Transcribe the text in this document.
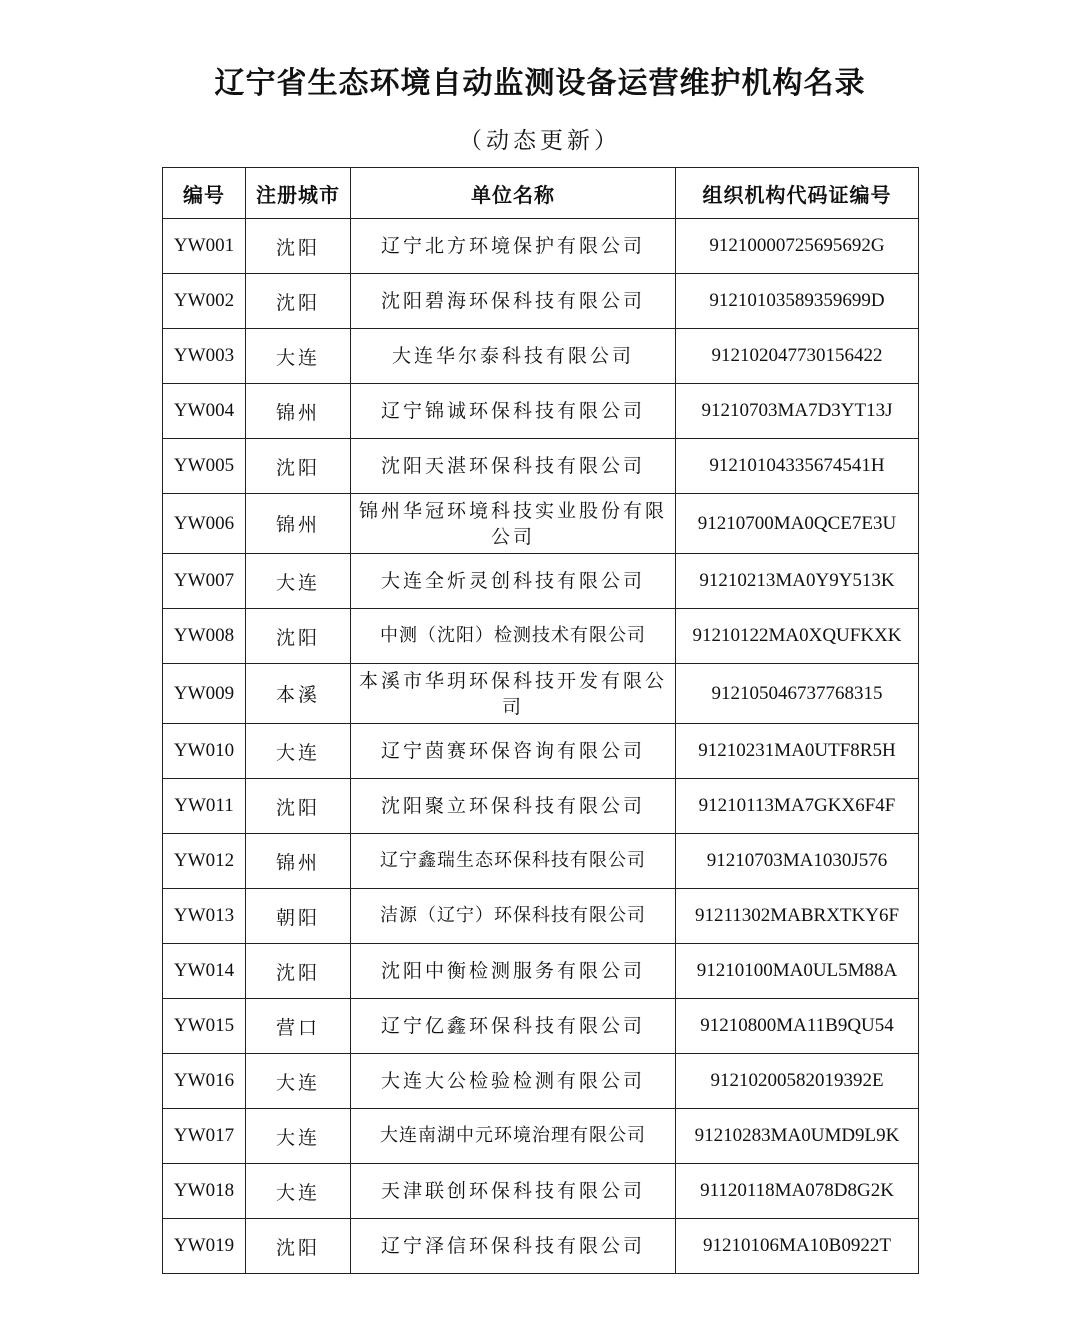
辽宁省生态环境自动监测设备运营维护机构名录
（动态更新）
编号	注册城市	单位名称	组织机构代码证编号
YW001	沈阳	辽宁北方环境保护有限公司	91210000725695692G
YW002	沈阳	沈阳碧海环保科技有限公司	91210103589359699D
YW003	大连	大连华尔泰科技有限公司	912102047730156422
YW004	锦州	辽宁锦诚环保科技有限公司	91210703MA7D3YT13J
YW005	沈阳	沈阳天湛环保科技有限公司	91210104335674541H
YW006	锦州	锦州华冠环境科技实业股份有限公司	91210700MA0QCE7E3U
YW007	大连	大连全炘灵创科技有限公司	91210213MA0Y9Y513K
YW008	沈阳	中测（沈阳）检测技术有限公司	91210122MA0XQUFKXK
YW009	本溪	本溪市华玥环保科技开发有限公司	912105046737768315
YW010	大连	辽宁茵赛环保咨询有限公司	91210231MA0UTF8R5H
YW011	沈阳	沈阳聚立环保科技有限公司	91210113MA7GKX6F4F
YW012	锦州	辽宁鑫瑞生态环保科技有限公司	91210703MA1030J576
YW013	朝阳	洁源（辽宁）环保科技有限公司	91211302MABRXTKY6F
YW014	沈阳	沈阳中衡检测服务有限公司	91210100MA0UL5M88A
YW015	营口	辽宁亿鑫环保科技有限公司	91210800MA11B9QU54
YW016	大连	大连大公检验检测有限公司	91210200582019392E
YW017	大连	大连南湖中元环境治理有限公司	91210283MA0UMD9L9K
YW018	大连	天津联创环保科技有限公司	91120118MA078D8G2K
YW019	沈阳	辽宁泽信环保科技有限公司	91210106MA10B0922T
